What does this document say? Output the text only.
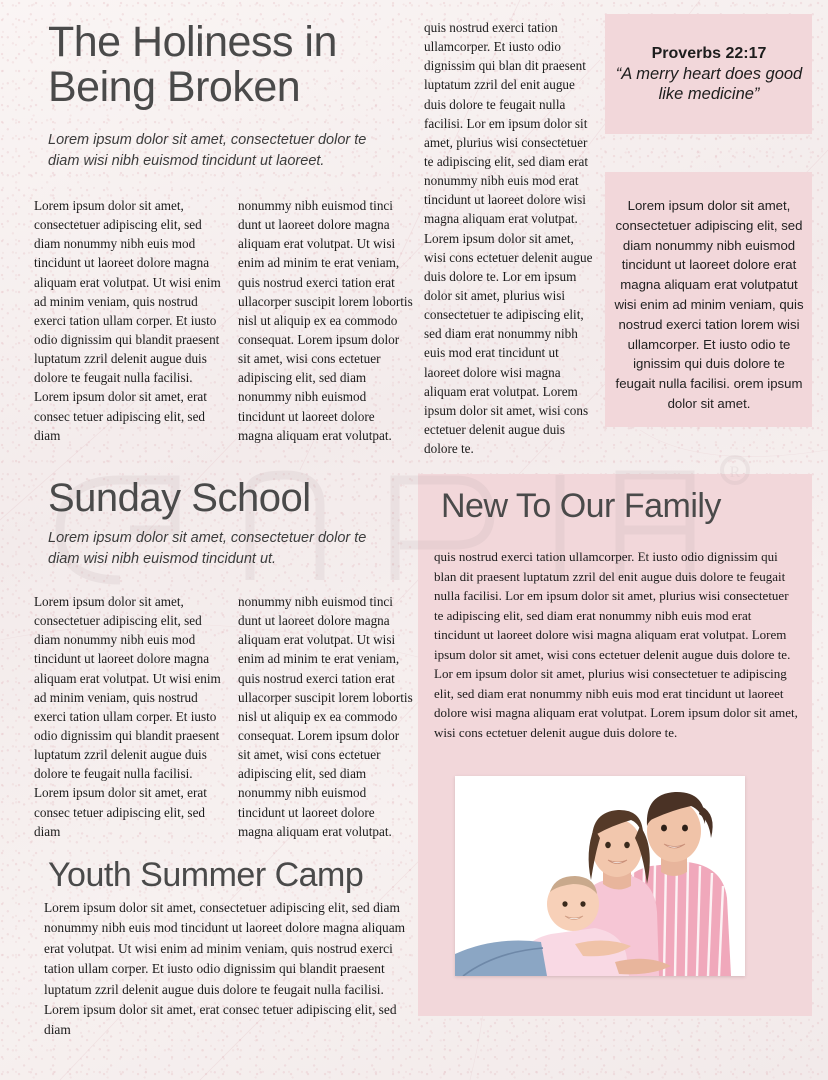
R
The Holiness in Being Broken

Lorem ipsum dolor sit amet, consectetuer dolor te diam wisi nibh euismod tincidunt ut laoreet.

Lorem ipsum dolor sit amet, consectetuer adipiscing elit, sed diam nonummy nibh euis mod tincidunt ut laoreet dolore magna aliquam erat volutpat. Ut wisi enim ad minim veniam, quis nostrud exerci tation ullam corper. Et iusto odio dignissim qui blandit praesent luptatum zzril delenit augue duis dolore te feugait nulla facilisi. Lorem ipsum dolor sit amet, erat consec tetuer adipiscing elit, sed diam

nonummy nibh euismod tinci dunt ut laoreet dolore magna aliquam erat volutpat. Ut wisi enim ad minim te erat veniam, quis nostrud exerci tation erat ullacorper suscipit lorem lobortis nisl ut aliquip ex ea commodo consequat. Lorem ipsum dolor sit amet, wisi cons ectetuer adipiscing elit, sed diam nonummy nibh euismod tincidunt ut laoreet dolore magna aliquam erat volutpat.

quis nostrud exerci tation ullamcorper. Et iusto odio dignissim qui blan dit praesent luptatum zzril del enit augue duis dolore te feugait nulla facilisi. Lor em ipsum dolor sit amet, plurius wisi consectetuer te adipiscing elit, sed diam erat nonummy nibh euis mod erat tincidunt ut laoreet dolore wisi magna aliquam erat volutpat. Lorem ipsum dolor sit amet, wisi cons ectetuer delenit augue duis dolore te. Lor em ipsum dolor sit amet, plurius wisi consectetuer te adipiscing elit, sed diam erat nonummy nibh euis mod erat tincidunt ut laoreet dolore wisi magna aliquam erat volutpat. Lorem ipsum dolor sit amet, wisi cons ectetuer delenit augue duis dolore te.

Proverbs 22:17
“A merry heart does good like medicine”

Lorem ipsum dolor sit amet, consectetuer adipiscing elit, sed diam nonummy nibh euismod tincidunt ut laoreet dolore erat magna aliquam erat volutpatut wisi enim ad minim veniam, quis nostrud exerci tation lorem wisi ullamcorper. Et iusto odio te ignissim qui duis dolore te feugait nulla facilisi. orem ipsum dolor sit amet.

Sunday School

Lorem ipsum dolor sit amet, consectetuer dolor te diam wisi nibh euismod tincidunt ut.

Lorem ipsum dolor sit amet, consectetuer adipiscing elit, sed diam nonummy nibh euis mod tincidunt ut laoreet dolore magna aliquam erat volutpat. Ut wisi enim ad minim veniam, quis nostrud exerci tation ullam corper. Et iusto odio dignissim qui blandit praesent luptatum zzril delenit augue duis dolore te feugait nulla facilisi. Lorem ipsum dolor sit amet, erat consec tetuer adipiscing elit, sed diam

nonummy nibh euismod tinci dunt ut laoreet dolore magna aliquam erat volutpat. Ut wisi enim ad minim te erat veniam, quis nostrud exerci tation erat ullacorper suscipit lorem lobortis nisl ut aliquip ex ea commodo consequat. Lorem ipsum dolor sit amet, wisi cons ectetuer adipiscing elit, sed diam nonummy nibh euismod tincidunt ut laoreet dolore magna aliquam erat volutpat.

New To Our Family

quis nostrud exerci tation ullamcorper. Et iusto odio dignissim qui blan dit praesent luptatum zzril del enit augue duis dolore te feugait nulla facilisi. Lor em ipsum dolor sit amet, plurius wisi consectetuer te adipiscing elit, sed diam erat nonummy nibh euis mod erat tincidunt ut laoreet dolore wisi magna aliquam erat volutpat. Lorem ipsum dolor sit amet, wisi cons ectetuer delenit augue duis dolore te. Lor em ipsum dolor sit amet, plurius wisi consectetuer te adipiscing elit, sed diam erat nonummy nibh euis mod erat tincidunt ut laoreet dolore wisi magna aliquam erat volutpat. Lorem ipsum dolor sit amet, wisi cons ectetuer delenit augue duis dolore te.

Youth Summer Camp

Lorem ipsum dolor sit amet, consectetuer adipiscing elit, sed diam nonummy nibh euis mod tincidunt ut laoreet dolore magna aliquam erat volutpat. Ut wisi enim ad minim veniam, quis nostrud exerci tation ullam corper. Et iusto odio dignissim qui blandit praesent luptatum zzril delenit augue duis dolore te feugait nulla facilisi. Lorem ipsum dolor sit amet, erat consec tetuer adipiscing elit, sed diam
